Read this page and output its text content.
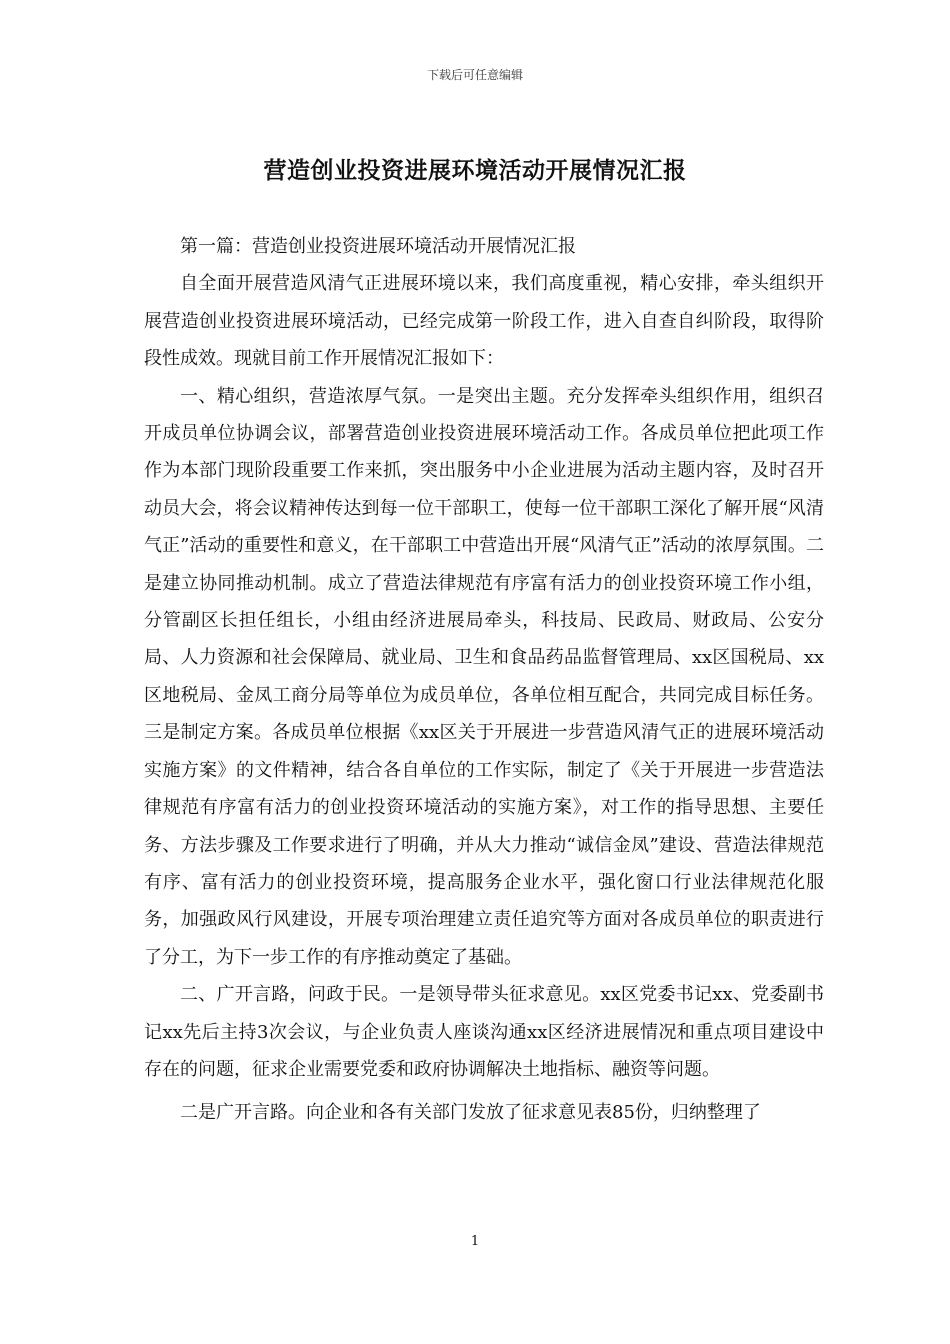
下载后可任意编辑
营造创业投资进展环境活动开展情况汇报

第一篇：营造创业投资进展环境活动开展情况汇报

自全面开展营造风清气正进展环境以来，我们高度重视，精心安排，牵头组织开展营造创业投资进展环境活动，已经完成第一阶段工作，进入自查自纠阶段，取得阶段性成效。现就目前工作开展情况汇报如下：

一、精心组织，营造浓厚气氛。一是突出主题。充分发挥牵头组织作用，组织召开成员单位协调会议，部署营造创业投资进展环境活动工作。各成员单位把此项工作作为本部门现阶段重要工作来抓，突出服务中小企业进展为活动主题内容，及时召开动员大会，将会议精神传达到每一位干部职工，使每一位干部职工深化了解开展“风清气正”活动的重要性和意义，在干部职工中营造出开展“风清气正”活动的浓厚氛围。二是建立协同推动机制。成立了营造法律规范有序富有活力的创业投资环境工作小组，分管副区长担任组长，小组由经济进展局牵头，科技局、民政局、财政局、公安分局、人力资源和社会保障局、就业局、卫生和食品药品监督管理局、xx区国税局、xx区地税局、金凤工商分局等单位为成员单位，各单位相互配合，共同完成目标任务。三是制定方案。各成员单位根据《xx区关于开展进一步营造风清气正的进展环境活动实施方案》的文件精神，结合各自单位的工作实际，制定了《关于开展进一步营造法律规范有序富有活力的创业投资环境活动的实施方案》，对工作的指导思想、主要任务、方法步骤及工作要求进行了明确，并从大力推动“诚信金凤”建设、营造法律规范有序、富有活力的创业投资环境，提高服务企业水平，强化窗口行业法律规范化服务，加强政风行风建设，开展专项治理建立责任追究等方面对各成员单位的职责进行了分工，为下一步工作的有序推动奠定了基础。

二、广开言路，问政于民。一是领导带头征求意见。xx区党委书记xx、党委副书记xx先后主持3次会议，与企业负责人座谈沟通xx区经济进展情况和重点项目建设中存在的问题，征求企业需要党委和政府协调解决土地指标、融资等问题。

二是广开言路。向企业和各有关部门发放了征求意见表85份，归纳整理了

1
